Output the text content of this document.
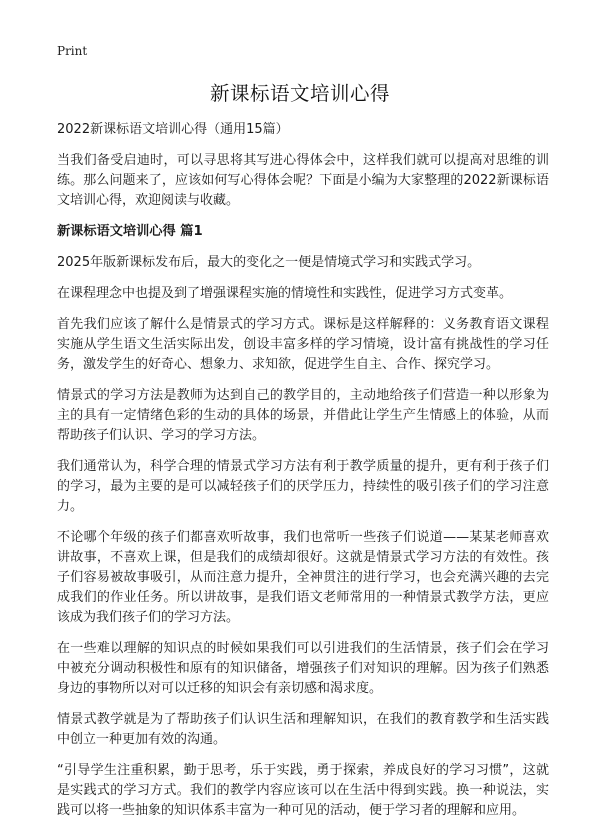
Print
新课标语文培训心得

2022新课标语文培训心得（通用15篇）

当我们备受启迪时，可以寻思将其写进心得体会中，这样我们就可以提高对思维的训练。那么问题来了，应该如何写心得体会呢？下面是小编为大家整理的2022新课标语文培训心得，欢迎阅读与收藏。

新课标语文培训心得 篇1

2025年版新课标发布后，最大的变化之一便是情境式学习和实践式学习。

在课程理念中也提及到了增强课程实施的情境性和实践性，促进学习方式变革。

首先我们应该了解什么是情景式的学习方式。课标是这样解释的：义务教育语文课程实施从学生语文生活实际出发，创设丰富多样的学习情境，设计富有挑战性的学习任务，激发学生的好奇心、想象力、求知欲，促进学生自主、合作、探究学习。

情景式的学习方法是教师为达到自己的教学目的，主动地给孩子们营造一种以形象为主的具有一定情绪色彩的生动的具体的场景，并借此让学生产生情感上的体验，从而帮助孩子们认识、学习的学习方法。

我们通常认为，科学合理的情景式学习方法有利于教学质量的提升，更有利于孩子们的学习，最为主要的是可以减轻孩子们的厌学压力，持续性的吸引孩子们的学习注意力。

不论哪个年级的孩子们都喜欢听故事，我们也常听一些孩子们说道——某某老师喜欢讲故事，不喜欢上课，但是我们的成绩却很好。这就是情景式学习方法的有效性。孩子们容易被故事吸引，从而注意力提升，全神贯注的进行学习，也会充满兴趣的去完成我们的作业任务。所以讲故事，是我们语文老师常用的一种情景式教学方法，更应该成为我们孩子们的学习方法。

在一些难以理解的知识点的时候如果我们可以引进我们的生活情景，孩子们会在学习中被充分调动积极性和原有的知识储备，增强孩子们对知识的理解。因为孩子们熟悉身边的事物所以对可以迁移的知识会有亲切感和渴求度。

情景式教学就是为了帮助孩子们认识生活和理解知识，在我们的教育教学和生活实践中创立一种更加有效的沟通。

“引导学生注重积累，勤于思考，乐于实践，勇于探索，养成良好的学习习惯”，这就是实践式的学习方式。我们的教学内容应该可以在生活中得到实践。换一种说法，实践可以将一些抽象的知识体系丰富为一种可见的活动，便于学习者的理解和应用。
